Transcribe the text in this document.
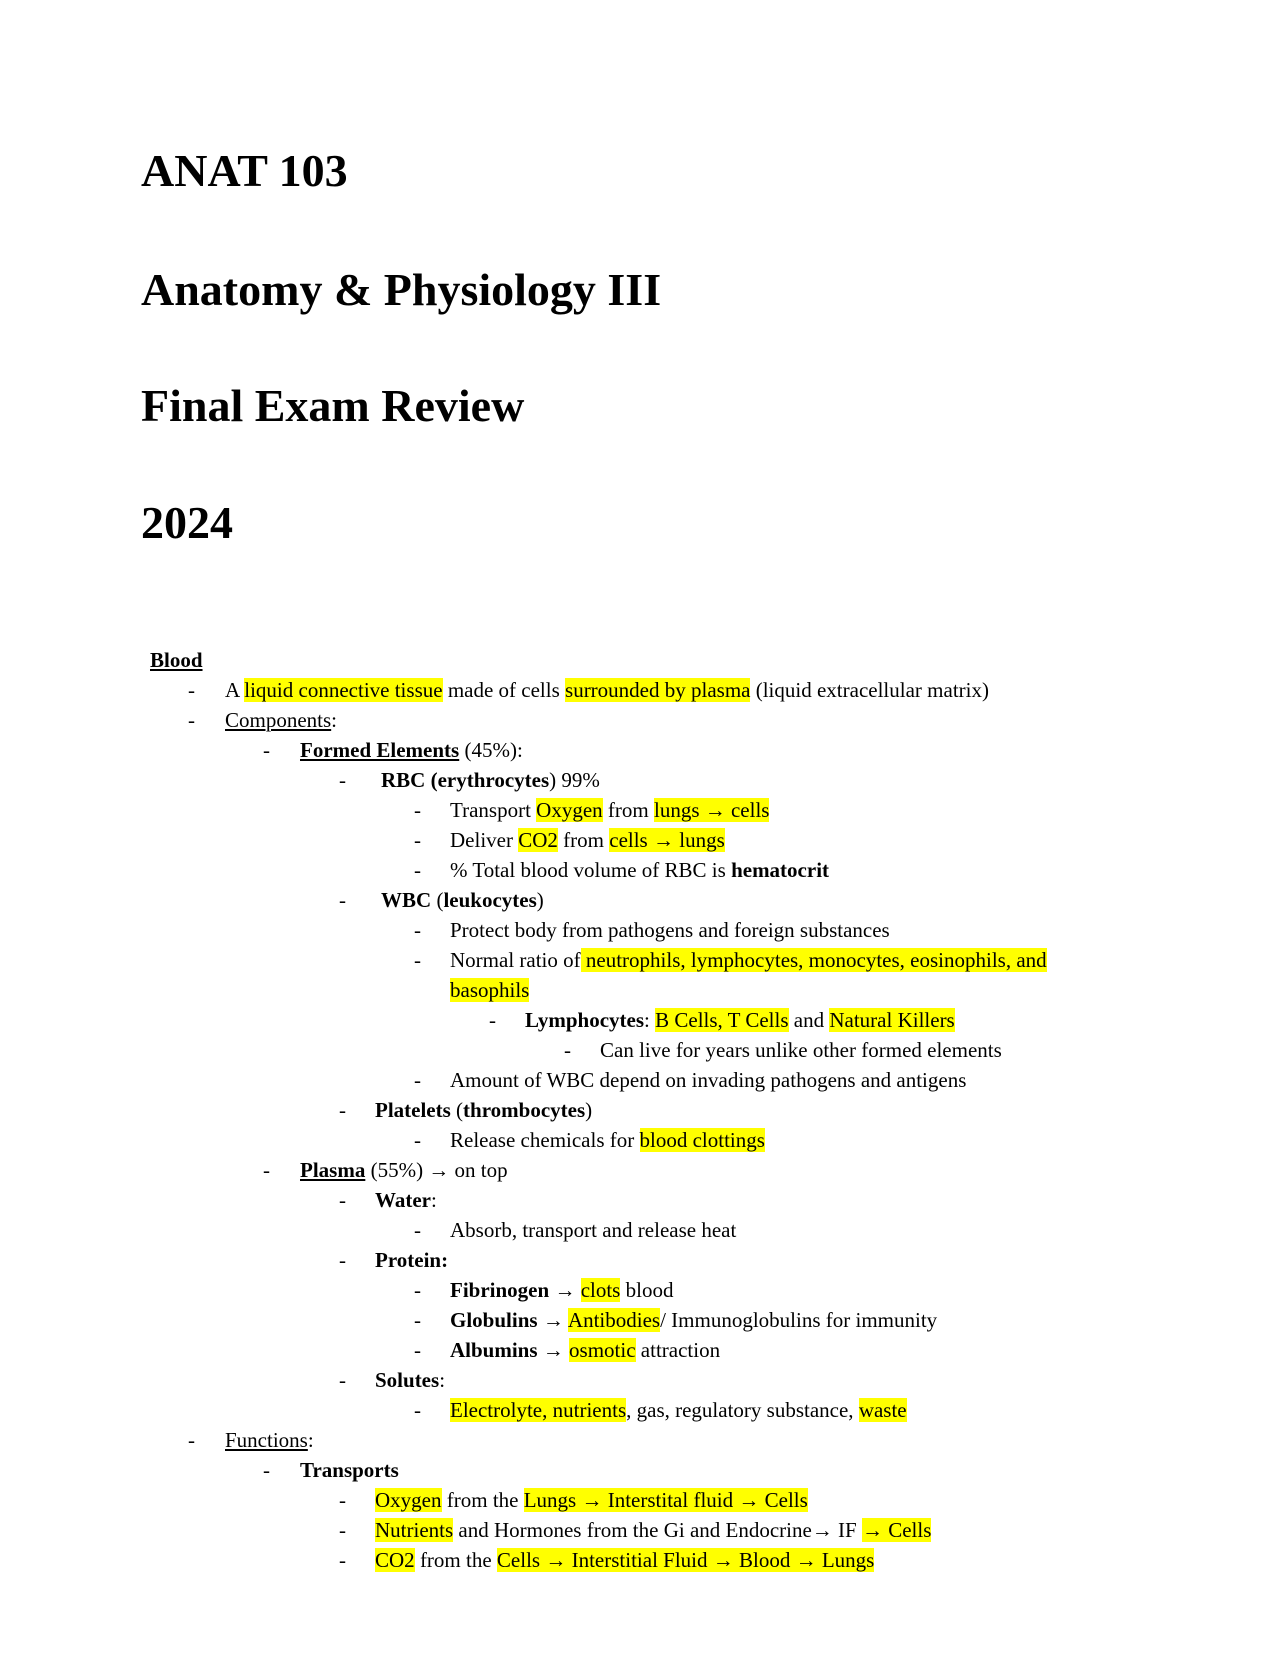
ANAT 103
Anatomy & Physiology III
Final Exam Review
2024
Blood
- A liquid connective tissue made of cells surrounded by plasma (liquid extracellular matrix)
- Components:
- Formed Elements (45%):
- RBC (erythrocytes) 99%
- Transport Oxygen from lungs → cells
- Deliver CO2 from cells → lungs
- % Total blood volume of RBC is hematocrit
- WBC (leukocytes)
- Protect body from pathogens and foreign substances
- Normal ratio of neutrophils, lymphocytes, monocytes, eosinophils, and
basophils
- Lymphocytes: B Cells, T Cells and Natural Killers
- Can live for years unlike other formed elements
- Amount of WBC depend on invading pathogens and antigens
- Platelets (thrombocytes)
- Release chemicals for blood clottings
- Plasma (55%) → on top
- Water:
- Absorb, transport and release heat
- Protein:
- Fibrinogen → clots blood
- Globulins → Antibodies/ Immunoglobulins for immunity
- Albumins → osmotic attraction
- Solutes:
- Electrolyte, nutrients, gas, regulatory substance, waste
- Functions:
- Transports
- Oxygen from the Lungs → Interstital fluid → Cells
- Nutrients and Hormones from the Gi and Endocrine→ IF → Cells
- CO2 from the Cells → Interstitial Fluid → Blood → Lungs
